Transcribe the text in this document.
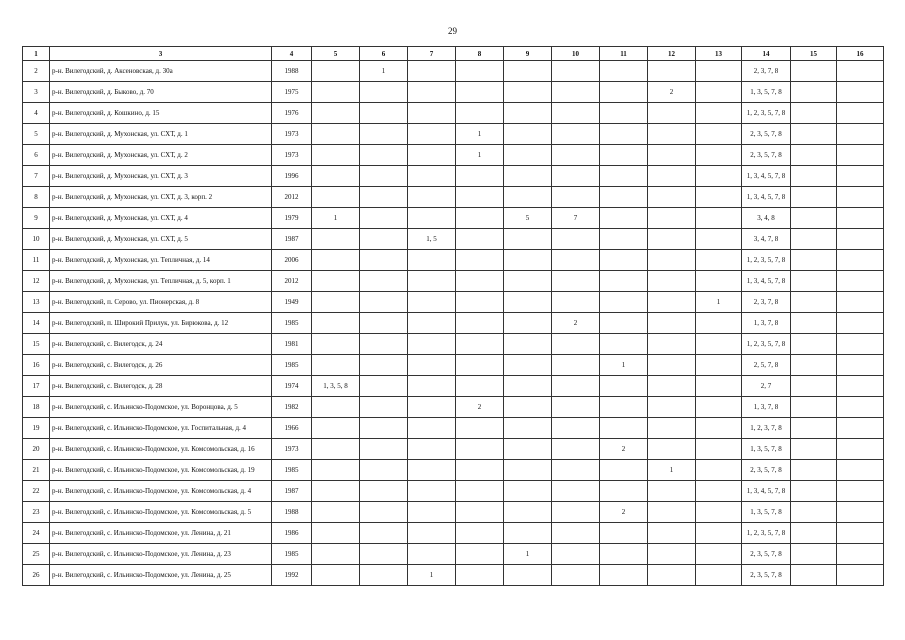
29
1	3	4	5	6	7	8	9	10	11	12	13	14	15	16
2	р-н. Вилегодский, д. Аксеновская, д. 30а	1988		1								2, 3, 7, 8		
3	р-н. Вилегодский, д. Быково, д. 70	1975								2		1, 3, 5, 7, 8		
4	р-н. Вилегодский, д. Кошкино, д. 15	1976										1, 2, 3, 5, 7, 8		
5	р-н. Вилегодский, д. Мухонская, ул. СХТ, д. 1	1973				1						2, 3, 5, 7, 8		
6	р-н. Вилегодский, д. Мухонская, ул. СХТ, д. 2	1973				1						2, 3, 5, 7, 8		
7	р-н. Вилегодский, д. Мухонская, ул. СХТ, д. 3	1996										1, 3, 4, 5, 7, 8		
8	р-н. Вилегодский, д. Мухонская, ул. СХТ, д. 3, корп. 2	2012										1, 3, 4, 5, 7, 8		
9	р-н. Вилегодский, д. Мухонская, ул. СХТ, д. 4	1979	1				5	7				3, 4, 8		
10	р-н. Вилегодский, д. Мухонская, ул. СХТ, д. 5	1987			1, 5							3, 4, 7, 8		
11	р-н. Вилегодский, д. Мухонская, ул. Тепличная, д. 14	2006										1, 2, 3, 5, 7, 8		
12	р-н. Вилегодский, д. Мухонская, ул. Тепличная, д. 5, корп. 1	2012										1, 3, 4, 5, 7, 8		
13	р-н. Вилегодский, п. Серово, ул. Пионерская, д. 8	1949									1	2, 3, 7, 8		
14	р-н. Вилегодский, п. Широкий Прилук, ул. Бирюкова, д. 12	1985						2				1, 3, 7, 8		
15	р-н. Вилегодский, с. Вилегодск, д. 24	1981										1, 2, 3, 5, 7, 8		
16	р-н. Вилегодский, с. Вилегодск, д. 26	1985							1			2, 5, 7, 8		
17	р-н. Вилегодский, с. Вилегодск, д. 28	1974	1, 3, 5, 8									2, 7		
18	р-н. Вилегодский, с. Ильинско-Подомское, ул. Воронцова, д. 5	1982				2						1, 3, 7, 8		
19	р-н. Вилегодский, с. Ильинско-Подомское, ул. Госпитальная, д. 4	1966										1, 2, 3, 7, 8		
20	р-н. Вилегодский, с. Ильинско-Подомское, ул. Комсомольская, д. 16	1973							2			1, 3, 5, 7, 8		
21	р-н. Вилегодский, с. Ильинско-Подомское, ул. Комсомольская, д. 19	1985								1		2, 3, 5, 7, 8		
22	р-н. Вилегодский, с. Ильинско-Подомское, ул. Комсомольская, д. 4	1987										1, 3, 4, 5, 7, 8		
23	р-н. Вилегодский, с. Ильинско-Подомское, ул. Комсомольская, д. 5	1988							2			1, 3, 5, 7, 8		
24	р-н. Вилегодский, с. Ильинско-Подомское, ул. Ленина, д. 21	1986										1, 2, 3, 5, 7, 8		
25	р-н. Вилегодский, с. Ильинско-Подомское, ул. Ленина, д. 23	1985					1					2, 3, 5, 7, 8		
26	р-н. Вилегодский, с. Ильинско-Подомское, ул. Ленина, д. 25	1992			1							2, 3, 5, 7, 8		
